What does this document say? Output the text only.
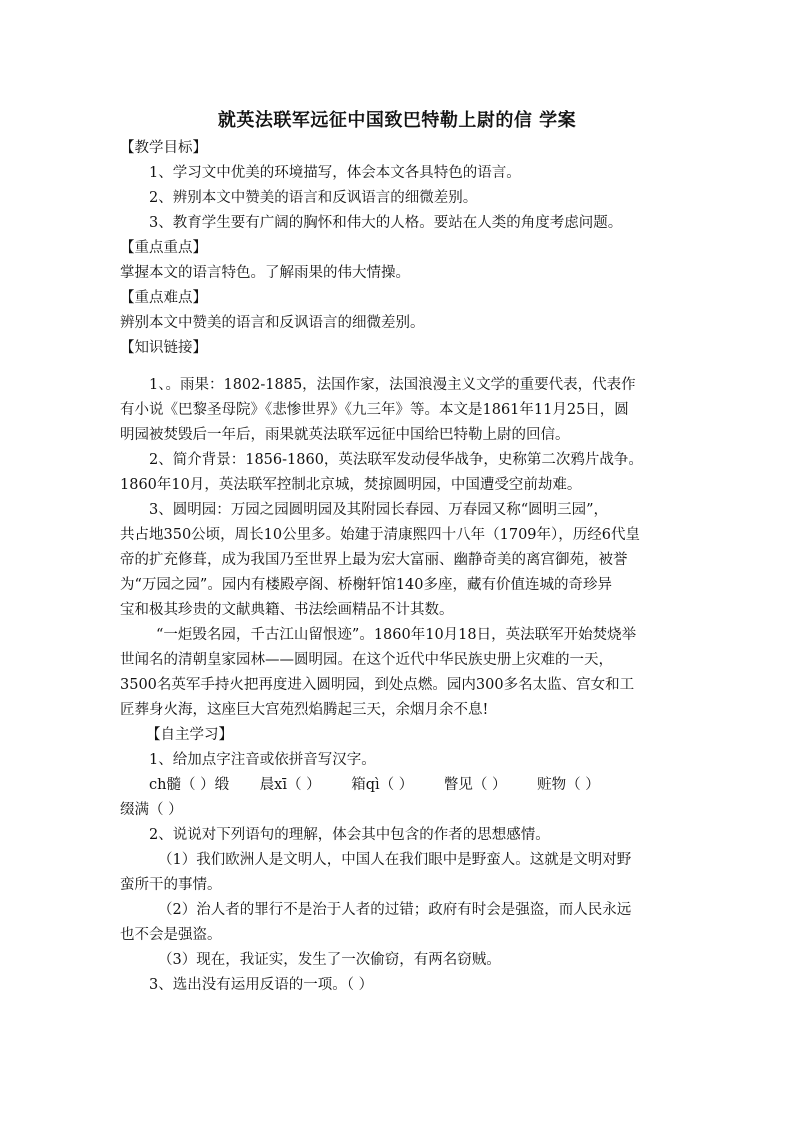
就英法联军远征中国致巴特勒上尉的信 学案
【教学目标】
1、学习文中优美的环境描写，体会本文各具特色的语言。
2、辨别本文中赞美的语言和反讽语言的细微差别。
3、教育学生要有广阔的胸怀和伟大的人格。要站在人类的角度考虑问题。
【重点重点】
掌握本文的语言特色。了解雨果的伟大情操。
【重点难点】
辨别本文中赞美的语言和反讽语言的细微差别。
【知识链接】
1、。雨果：1802-1885，法国作家，法国浪漫主义文学的重要代表，代表作
有小说《巴黎圣母院》《悲惨世界》《九三年》等。本文是1861年11月25日，圆
明园被焚毁后一年后，雨果就英法联军远征中国给巴特勒上尉的回信。
2、简介背景：1856-1860，英法联军发动侵华战争，史称第二次鸦片战争。
1860年10月，英法联军控制北京城，焚掠圆明园，中国遭受空前劫难。
3、圆明园：万园之园圆明园及其附园长春园、万春园又称“圆明三园”，
共占地350公顷，周长10公里多。始建于清康熙四十八年（1709年），历经6代皇
帝的扩充修葺，成为我国乃至世界上最为宏大富丽、幽静奇美的离宫御苑，被誉
为“万园之园”。园内有楼殿亭阁、桥榭轩馆140多座，藏有价值连城的奇珍异
宝和极其珍贵的文献典籍、书法绘画精品不计其数。
“一炬毁名园，千古江山留恨迹”。1860年10月18日，英法联军开始焚烧举
世闻名的清朝皇家园林——圆明园。在这个近代中华民族史册上灾难的一天，
3500名英军手持火把再度进入圆明园，到处点燃。园内300多名太监、宫女和工
匠葬身火海，这座巨大宫苑烈焰腾起三天，余烟月余不息!
【自主学习】
1、给加点字注音或依拼音写汉字。
ch髓（ ）缎 晨xī（ ） 箱qì（ ） 瞥见（ ） 赃物（ ）
缀满（ ）
2、说说对下列语句的理解，体会其中包含的作者的思想感情。
（1）我们欧洲人是文明人，中国人在我们眼中是野蛮人。这就是文明对野
蛮所干的事情。
（2）治人者的罪行不是治于人者的过错；政府有时会是强盗，而人民永远
也不会是强盗。
（3）现在，我证实，发生了一次偷窃，有两名窃贼。
3、选出没有运用反语的一项。（ ）
